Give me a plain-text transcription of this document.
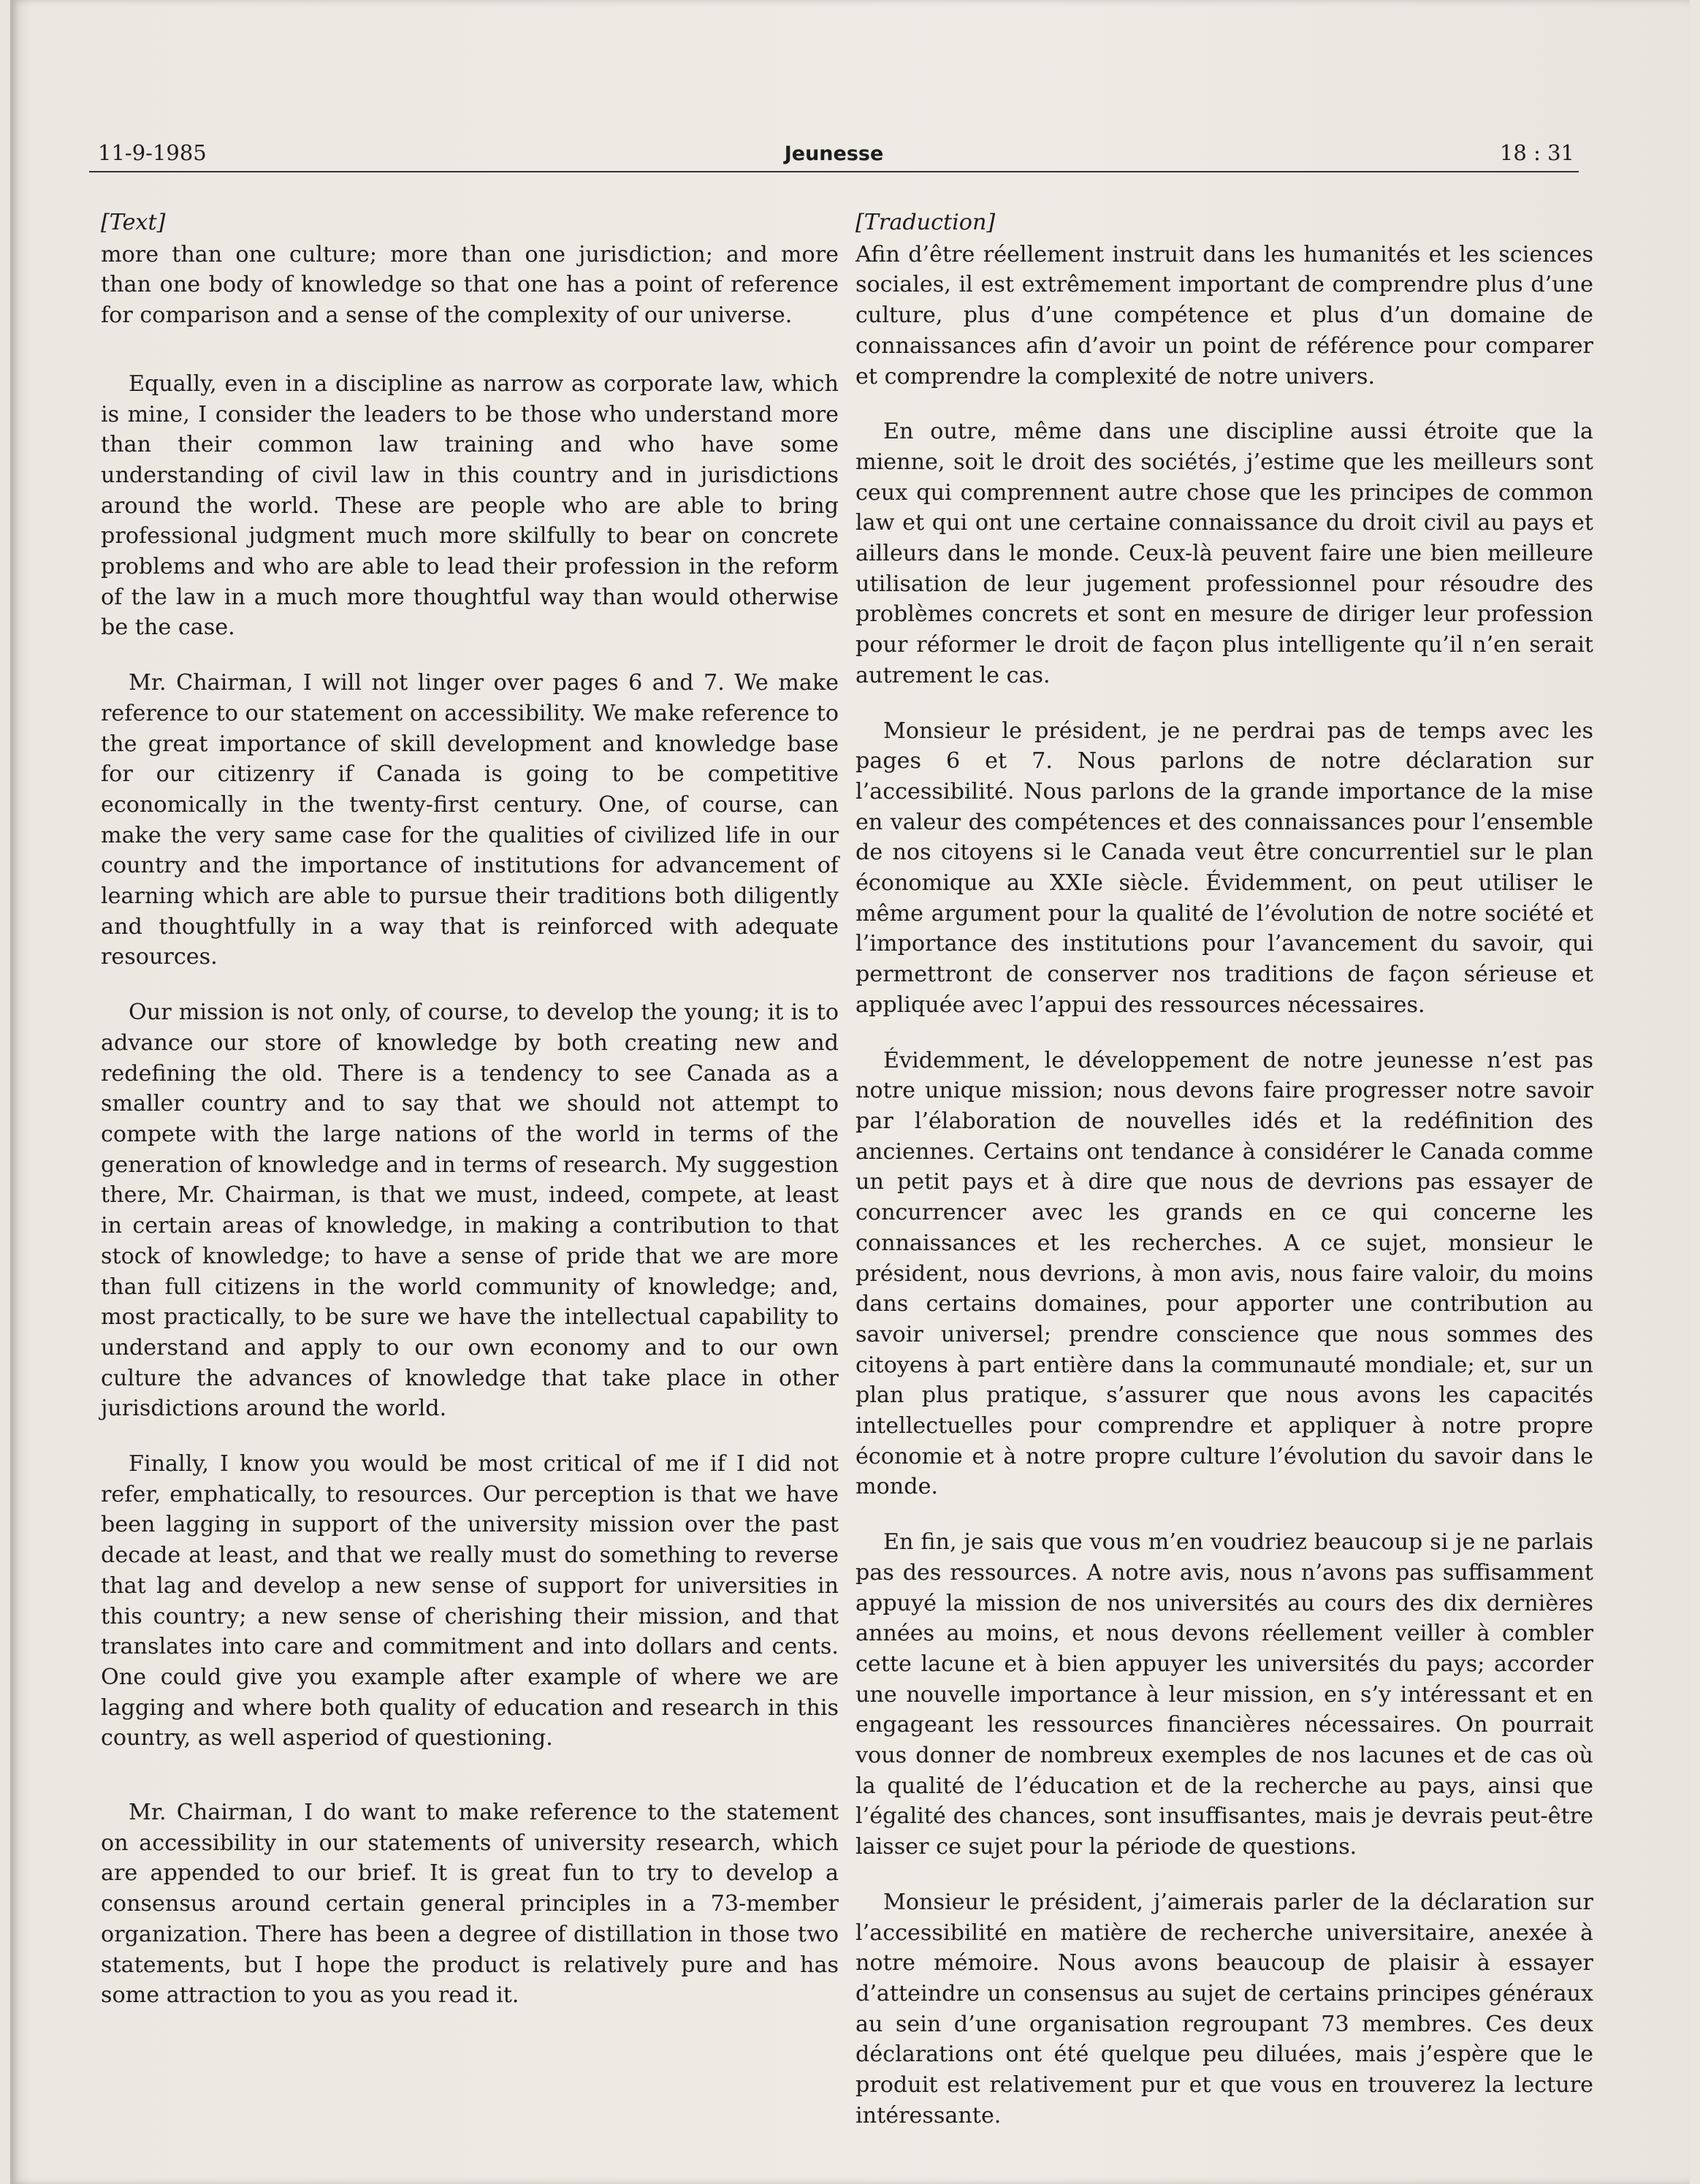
11-9-1985	Jeunesse	18 : 31
[Text]

more than one culture; more than one jurisdiction; and more than one body of knowledge so that one has a point of reference for comparison and a sense of the complexity of our universe.

Equally, even in a discipline as narrow as corporate law, which is mine, I consider the leaders to be those who understand more than their common law training and who have some understanding of civil law in this country and in jurisdictions around the world. These are people who are able to bring professional judgment much more skilfully to bear on concrete problems and who are able to lead their profession in the reform of the law in a much more thoughtful way than would otherwise be the case.

Mr. Chairman, I will not linger over pages 6 and 7. We make reference to our statement on accessibility. We make reference to the great importance of skill development and knowledge base for our citizenry if Canada is going to be competitive economically in the twenty-first century. One, of course, can make the very same case for the qualities of civilized life in our country and the importance of institutions for advancement of learning which are able to pursue their traditions both diligently and thoughtfully in a way that is reinforced with adequate resources.

Our mission is not only, of course, to develop the young; it is to advance our store of knowledge by both creating new and redefining the old. There is a tendency to see Canada as a smaller country and to say that we should not attempt to compete with the large nations of the world in terms of the generation of knowledge and in terms of research. My suggestion there, Mr. Chairman, is that we must, indeed, compete, at least in certain areas of knowledge, in making a contribution to that stock of knowledge; to have a sense of pride that we are more than full citizens in the world community of knowledge; and, most practically, to be sure we have the intellectual capability to understand and apply to our own economy and to our own culture the advances of knowledge that take place in other jurisdictions around the world.

Finally, I know you would be most critical of me if I did not refer, emphatically, to resources. Our perception is that we have been lagging in support of the university mission over the past decade at least, and that we really must do something to reverse that lag and develop a new sense of support for universities in this country; a new sense of cherishing their mission, and that translates into care and commitment and into dollars and cents. One could give you example after example of where we are lagging and where both quality of education and research in this country, as well asperiod of questioning.

Mr. Chairman, I do want to make reference to the statement on accessibility in our statements of university research, which are appended to our brief. It is great fun to try to develop a consensus around certain general principles in a 73-member organization. There has been a degree of distillation in those two statements, but I hope the product is relatively pure and has some attraction to you as you read it.

[Traduction]

Afin d’être réellement instruit dans les humanités et les sciences sociales, il est extrêmement important de comprendre plus d’une culture, plus d’une compétence et plus d’un domaine de connaissances afin d’avoir un point de référence pour comparer et comprendre la complexité de notre univers.

En outre, même dans une discipline aussi étroite que la mienne, soit le droit des sociétés, j’estime que les meilleurs sont ceux qui comprennent autre chose que les principes de common law et qui ont une certaine connaissance du droit civil au pays et ailleurs dans le monde. Ceux-là peuvent faire une bien meilleure utilisation de leur jugement professionnel pour résoudre des problèmes concrets et sont en mesure de diriger leur profession pour réformer le droit de façon plus intelligente qu’il n’en serait autrement le cas.

Monsieur le président, je ne perdrai pas de temps avec les pages 6 et 7. Nous parlons de notre déclaration sur l’accessibilité. Nous parlons de la grande importance de la mise en valeur des compétences et des connaissances pour l’ensemble de nos citoyens si le Canada veut être concurrentiel sur le plan économique au XXIe siècle. Évidemment, on peut utiliser le même argument pour la qualité de l’évolution de notre société et l’importance des institutions pour l’avancement du savoir, qui permettront de conserver nos traditions de façon sérieuse et appliquée avec l’appui des ressources nécessaires.

Évidemment, le développement de notre jeunesse n’est pas notre unique mission; nous devons faire progresser notre savoir par l’élaboration de nouvelles idés et la redéfinition des anciennes. Certains ont tendance à considérer le Canada comme un petit pays et à dire que nous de devrions pas essayer de concurrencer avec les grands en ce qui concerne les connaissances et les recherches. A ce sujet, monsieur le président, nous devrions, à mon avis, nous faire valoir, du moins dans certains domaines, pour apporter une contribution au savoir universel; prendre conscience que nous sommes des citoyens à part entière dans la communauté mondiale; et, sur un plan plus pratique, s’assurer que nous avons les capacités intellectuelles pour comprendre et appliquer à notre propre économie et à notre propre culture l’évolution du savoir dans le monde.

En fin, je sais que vous m’en voudriez beaucoup si je ne parlais pas des ressources. A notre avis, nous n’avons pas suffisamment appuyé la mission de nos universités au cours des dix dernières années au moins, et nous devons réellement veiller à combler cette lacune et à bien appuyer les universités du pays; accorder une nouvelle importance à leur mission, en s’y intéressant et en engageant les ressources financières nécessaires. On pourrait vous donner de nombreux exemples de nos lacunes et de cas où la qualité de l’éducation et de la recherche au pays, ainsi que l’égalité des chances, sont insuffisantes, mais je devrais peut-être laisser ce sujet pour la période de questions.

Monsieur le président, j’aimerais parler de la déclaration sur l’accessibilité en matière de recherche universitaire, anexée à notre mémoire. Nous avons beaucoup de plaisir à essayer d’atteindre un consensus au sujet de certains principes généraux au sein d’une organisation regroupant 73 membres. Ces deux déclarations ont été quelque peu diluées, mais j’espère que le produit est relativement pur et que vous en trouverez la lecture intéressante.
